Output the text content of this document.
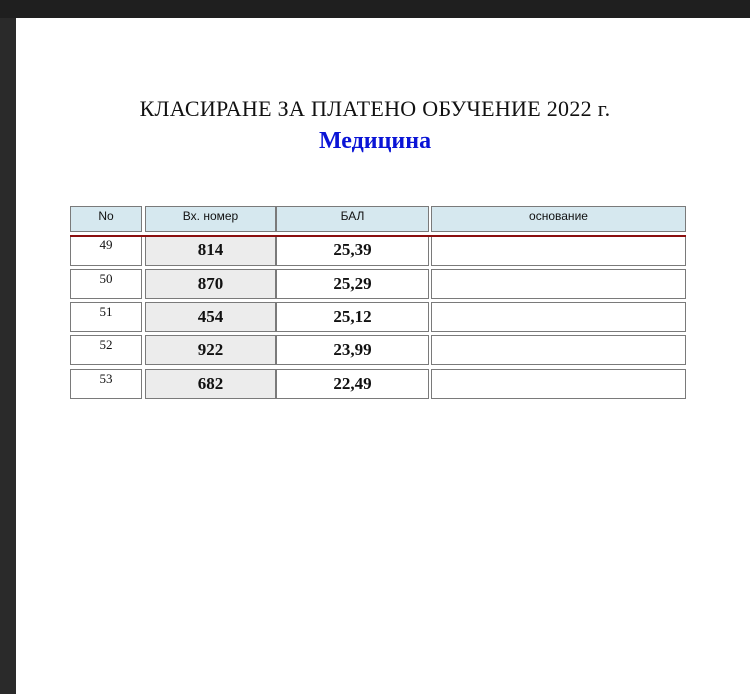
КЛАСИРАНЕ ЗА ПЛАТЕНО ОБУЧЕНИЕ 2022 г.
Медицина
No	Вх. номер	БАЛ	основание
49	814	25,39
50	870	25,29
51	454	25,12
52	922	23,99
53	682	22,49
